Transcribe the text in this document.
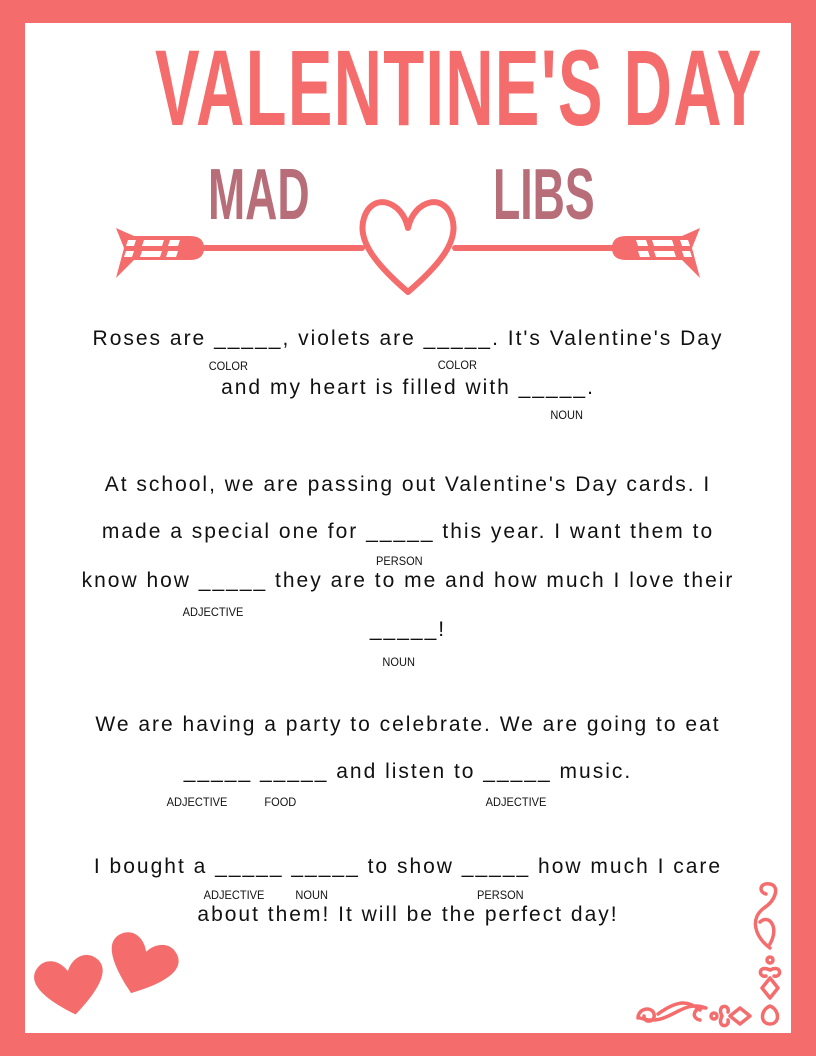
VALENTINE'S DAY
MAD	LIBS
Roses are _____, violets are _____. It's Valentine's Day
COLOR	COLOR
and my heart is filled with _____.
NOUN
At school, we are passing out Valentine's Day cards. I
made a special one for _____ this year. I want them to
PERSON
know how _____ they are to me and how much I love their
ADJECTIVE
_____!
NOUN
We are having a party to celebrate. We are going to eat
_____ _____ and listen to _____ music.
ADJECTIVE	FOOD	ADJECTIVE
I bought a _____ _____ to show _____ how much I care
ADJECTIVE	NOUN	PERSON
about them! It will be the perfect day!
